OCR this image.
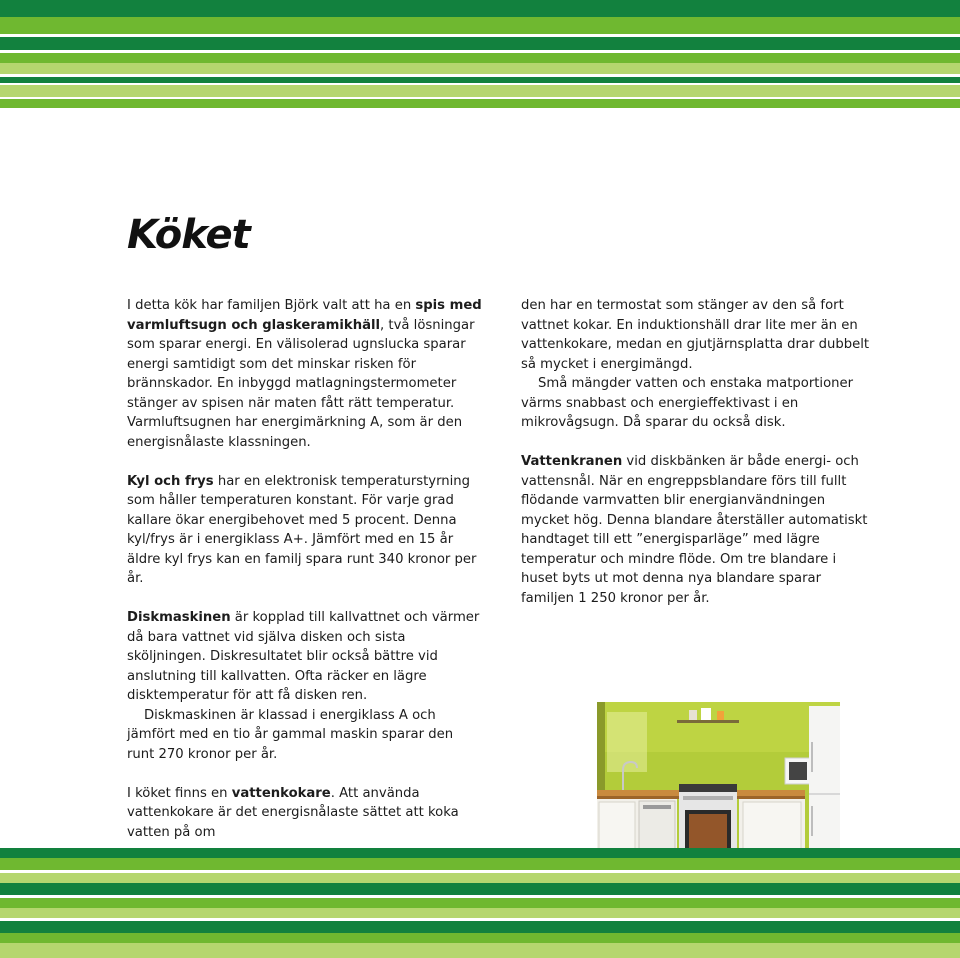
Köket

I detta kök har familjen Björk valt att ha en spis med varmluftsugn och glaskeramikhäll, två lösningar som sparar energi. En välisolerad ugnslucka sparar energi samtidigt som det minskar risken för brännskador. En inbyggd matlagningstermometer stänger av spisen när maten fått rätt temperatur. Varmluftsugnen har energimärkning A, som är den energisnålaste klassningen.

Kyl och frys har en elektronisk temperaturstyrning som håller temperaturen konstant. För varje grad kallare ökar energibehovet med 5 procent. Denna kyl/frys är i energiklass A+. Jämfört med en 15 år äldre kyl frys kan en familj spara runt 340 kronor per år.

Diskmaskinen är kopplad till kallvattnet och värmer då bara vattnet vid själva disken och sista sköljningen. Diskresultatet blir också bättre vid anslutning till kallvatten. Ofta räcker en lägre disktemperatur för att få disken ren.

Diskmaskinen är klassad i energiklass A och jämfört med en tio år gammal maskin sparar den runt 270 kronor per år.

I köket finns en vattenkokare. Att använda vattenkokare är det energisnålaste sättet att koka vatten på om

den har en termostat som stänger av den så fort vattnet kokar. En induktionshäll drar lite mer än en vattenkokare, medan en gjutjärnsplatta drar dubbelt så mycket i energimängd.

Små mängder vatten och enstaka matportioner värms snabbast och energieffektivast i en mikrovågsugn. Då sparar du också disk.

Vattenkranen vid diskbänken är både energi- och vattensnål. När en engreppsblandare förs till fullt flödande varmvatten blir energianvändningen mycket hög. Denna blandare återställer automatiskt handtaget till ett ”energisparläge” med lägre temperatur och mindre flöde. Om tre blandare i huset byts ut mot denna nya blandare sparar familjen 1 250 kronor per år.
